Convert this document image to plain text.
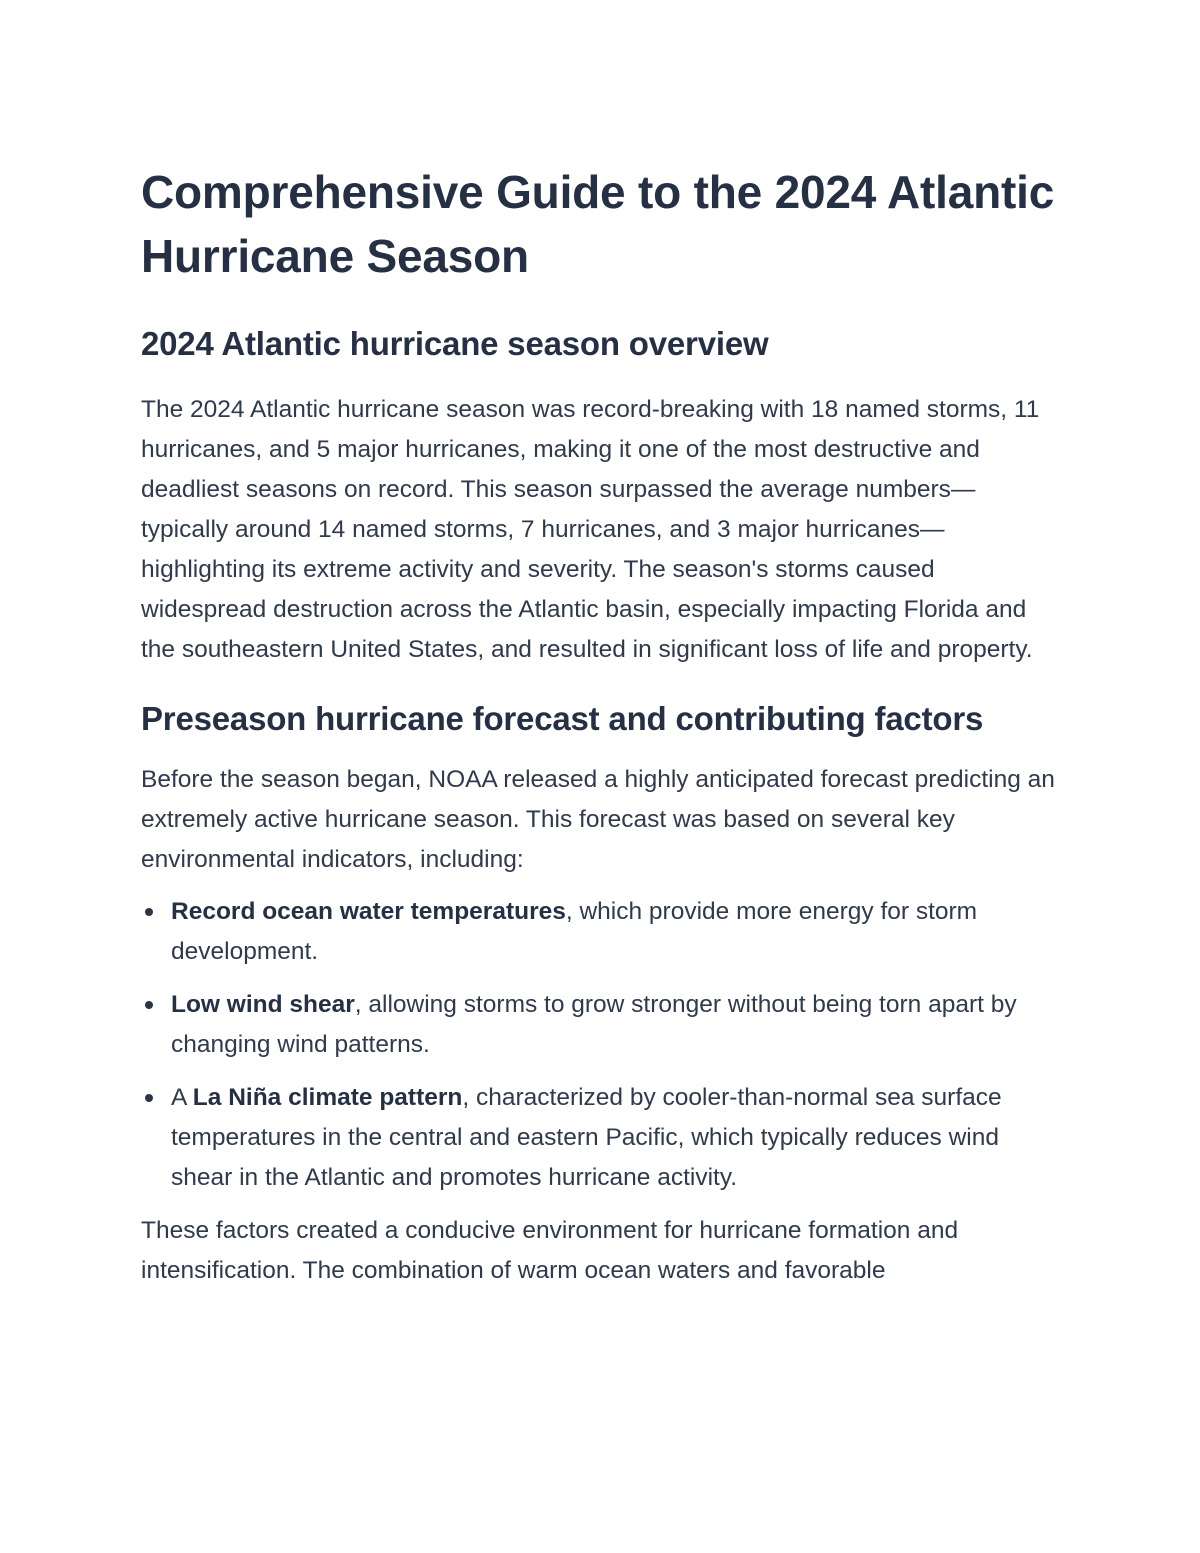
Comprehensive Guide to the 2024 Atlantic Hurricane Season
2024 Atlantic hurricane season overview

The 2024 Atlantic hurricane season was record-breaking with 18 named storms, 11 hurricanes, and 5 major hurricanes, making it one of the most destructive and deadliest seasons on record. This season surpassed the average numbers—typically around 14 named storms, 7 hurricanes, and 3 major hurricanes—highlighting its extreme activity and severity. The season's storms caused widespread destruction across the Atlantic basin, especially impacting Florida and the southeastern United States, and resulted in significant loss of life and property.

Preseason hurricane forecast and contributing factors

Before the season began, NOAA released a highly anticipated forecast predicting an extremely active hurricane season. This forecast was based on several key environmental indicators, including:

Record ocean water temperatures, which provide more energy for storm development.
Low wind shear, allowing storms to grow stronger without being torn apart by changing wind patterns.
A La Niña climate pattern, characterized by cooler-than-normal sea surface temperatures in the central and eastern Pacific, which typically reduces wind shear in the Atlantic and promotes hurricane activity.

These factors created a conducive environment for hurricane formation and intensification. The combination of warm ocean waters and favorable
